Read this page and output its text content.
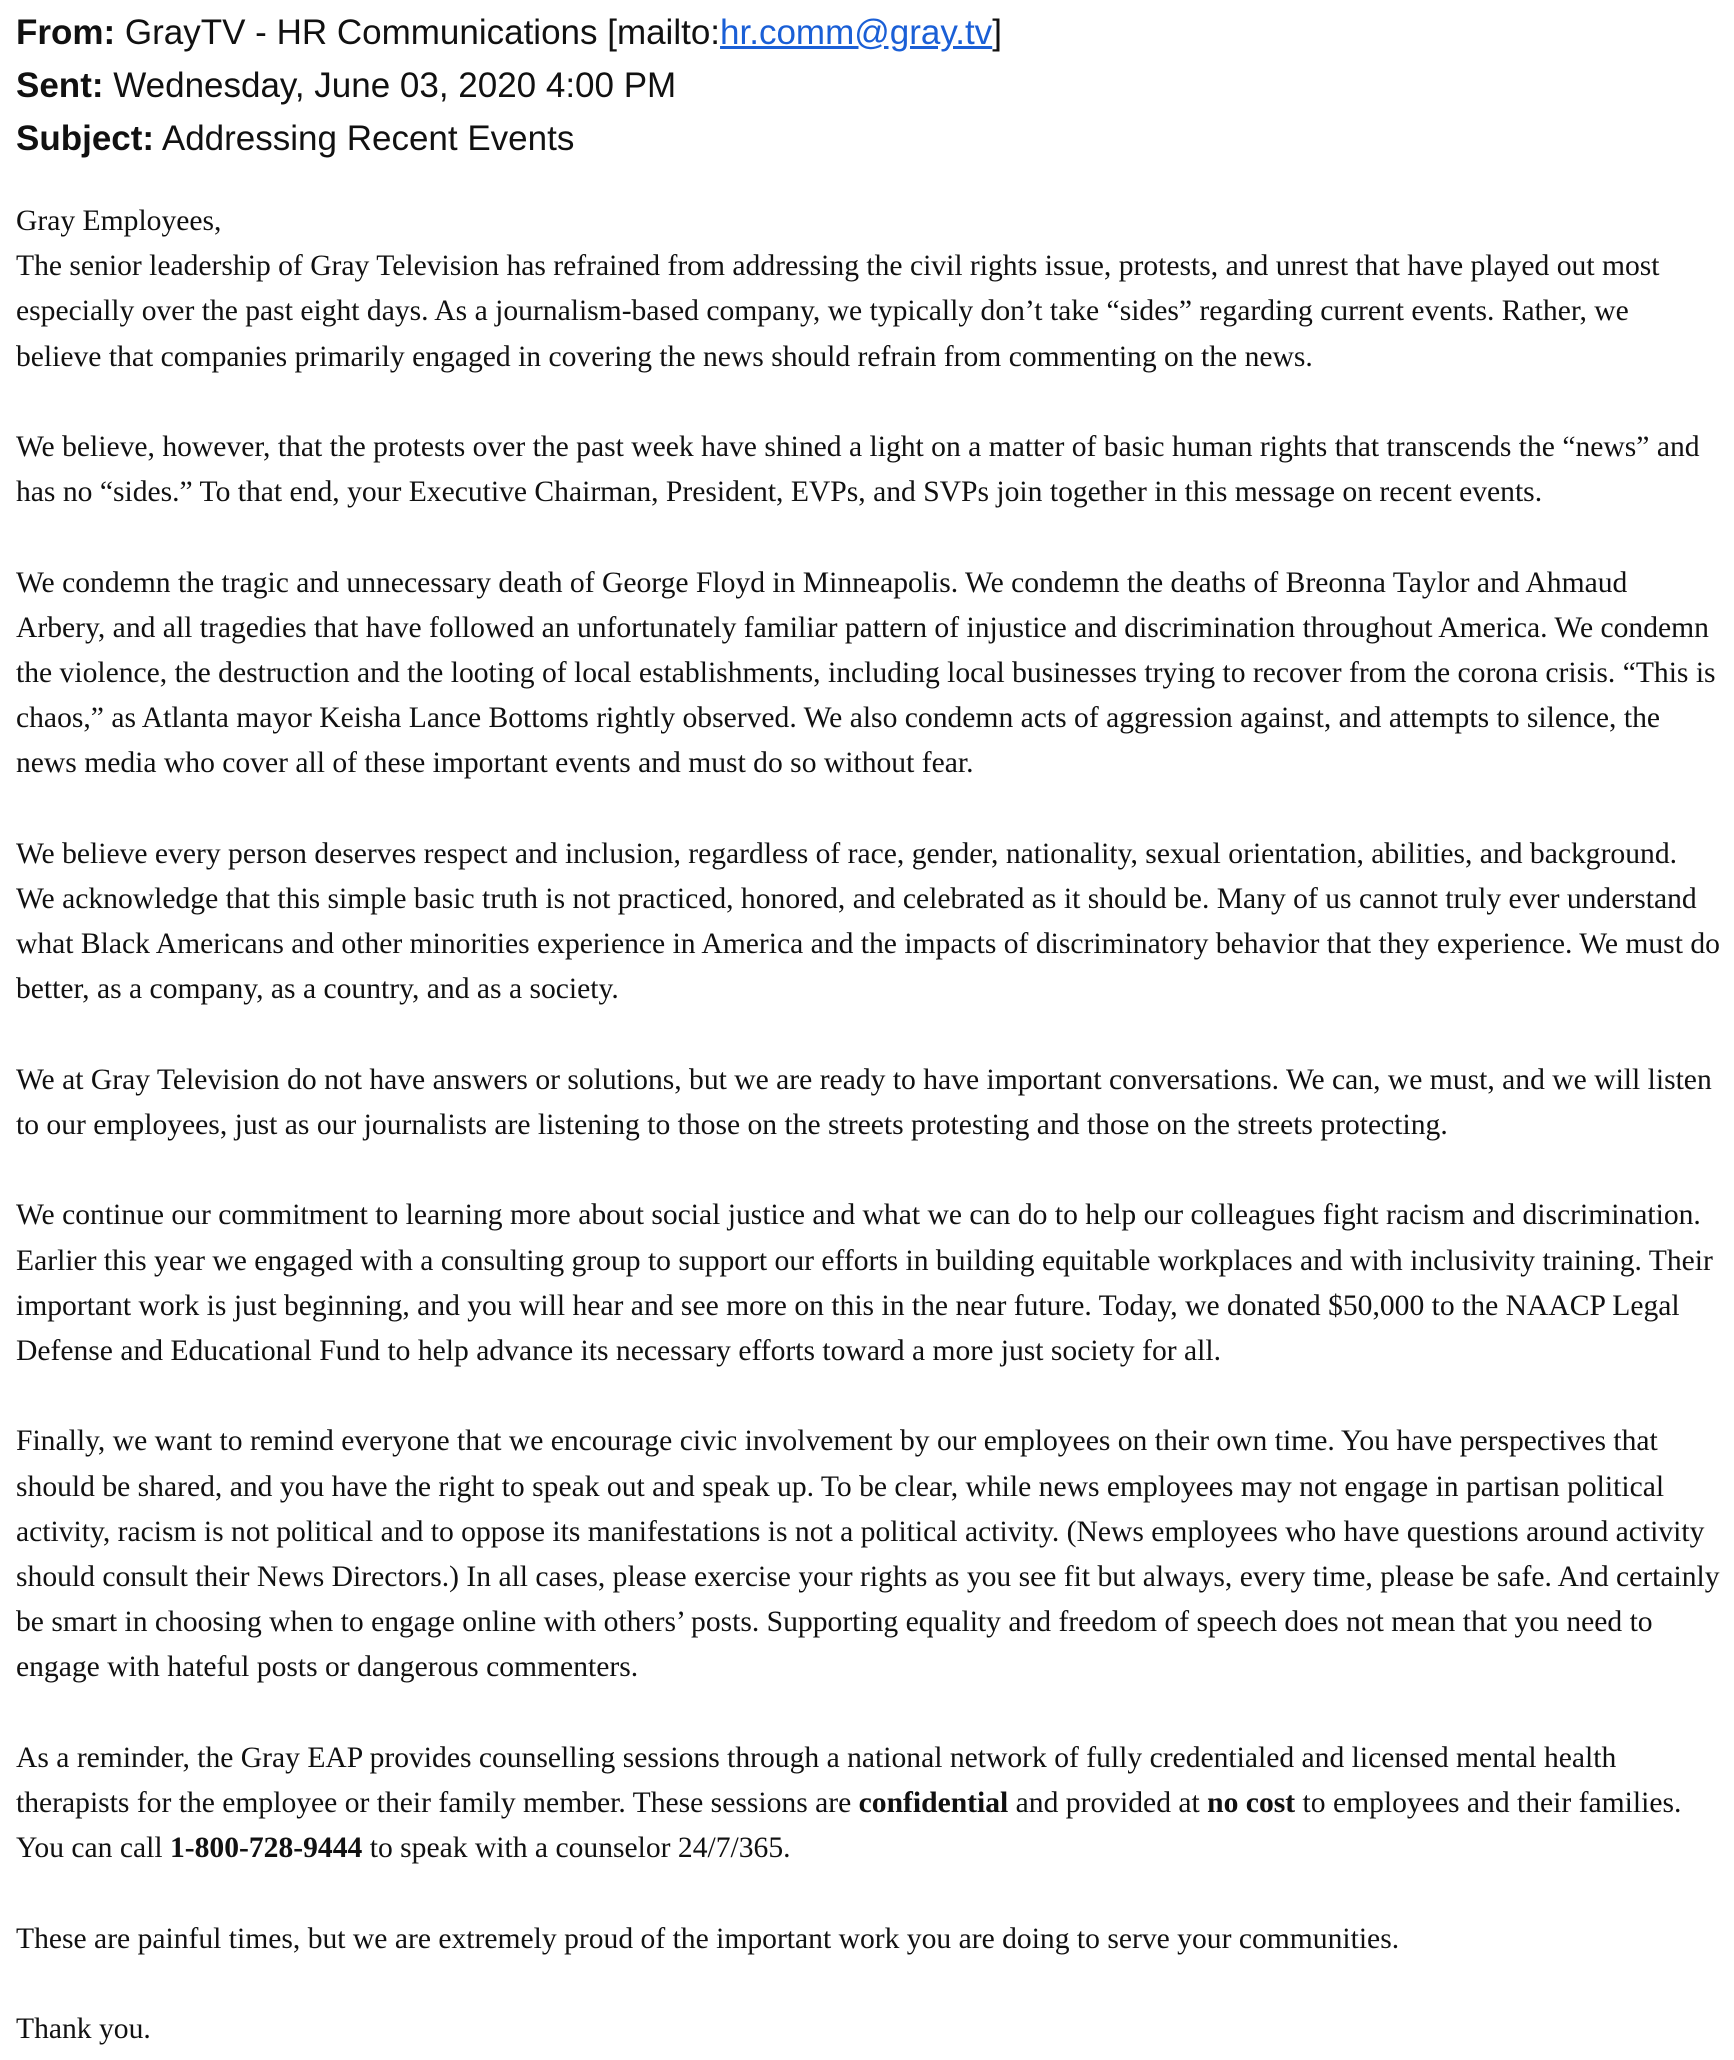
From: GrayTV - HR Communications [mailto:hr.comm@gray.tv]
Sent: Wednesday, June 03, 2020 4:00 PM
Subject: Addressing Recent Events

Gray Employees,

The senior leadership of Gray Television has refrained from addressing the civil rights issue, protests, and unrest that have played out most especially over the past eight days. As a journalism-based company, we typically don’t take “sides” regarding current events. Rather, we believe that companies primarily engaged in covering the news should refrain from commenting on the news.

We believe, however, that the protests over the past week have shined a light on a matter of basic human rights that transcends the “news” and has no “sides.” To that end, your Executive Chairman, President, EVPs, and SVPs join together in this message on recent events.

We condemn the tragic and unnecessary death of George Floyd in Minneapolis. We condemn the deaths of Breonna Taylor and Ahmaud Arbery, and all tragedies that have followed an unfortunately familiar pattern of injustice and discrimination throughout America. We condemn the violence, the destruction and the looting of local establishments, including local businesses trying to recover from the corona crisis. “This is chaos,” as Atlanta mayor Keisha Lance Bottoms rightly observed. We also condemn acts of aggression against, and attempts to silence, the news media who cover all of these important events and must do so without fear.

We believe every person deserves respect and inclusion, regardless of race, gender, nationality, sexual orientation, abilities, and background. We acknowledge that this simple basic truth is not practiced, honored, and celebrated as it should be. Many of us cannot truly ever understand what Black Americans and other minorities experience in America and the impacts of discriminatory behavior that they experience. We must do better, as a company, as a country, and as a society.

We at Gray Television do not have answers or solutions, but we are ready to have important conversations. We can, we must, and we will listen to our employees, just as our journalists are listening to those on the streets protesting and those on the streets protecting.

We continue our commitment to learning more about social justice and what we can do to help our colleagues fight racism and discrimination. Earlier this year we engaged with a consulting group to support our efforts in building equitable workplaces and with inclusivity training. Their important work is just beginning, and you will hear and see more on this in the near future. Today, we donated $50,000 to the NAACP Legal Defense and Educational Fund to help advance its necessary efforts toward a more just society for all.

Finally, we want to remind everyone that we encourage civic involvement by our employees on their own time. You have perspectives that should be shared, and you have the right to speak out and speak up. To be clear, while news employees may not engage in partisan political activity, racism is not political and to oppose its manifestations is not a political activity. (News employees who have questions around activity should consult their News Directors.) In all cases, please exercise your rights as you see fit but always, every time, please be safe. And certainly be smart in choosing when to engage online with others’ posts. Supporting equality and freedom of speech does not mean that you need to engage with hateful posts or dangerous commenters.

As a reminder, the Gray EAP provides counselling sessions through a national network of fully credentialed and licensed mental health therapists for the employee or their family member. These sessions are confidential and provided at no cost to employees and their families. You can call 1-800-728-9444 to speak with a counselor 24/7/365.

These are painful times, but we are extremely proud of the important work you are doing to serve your communities.

Thank you.
